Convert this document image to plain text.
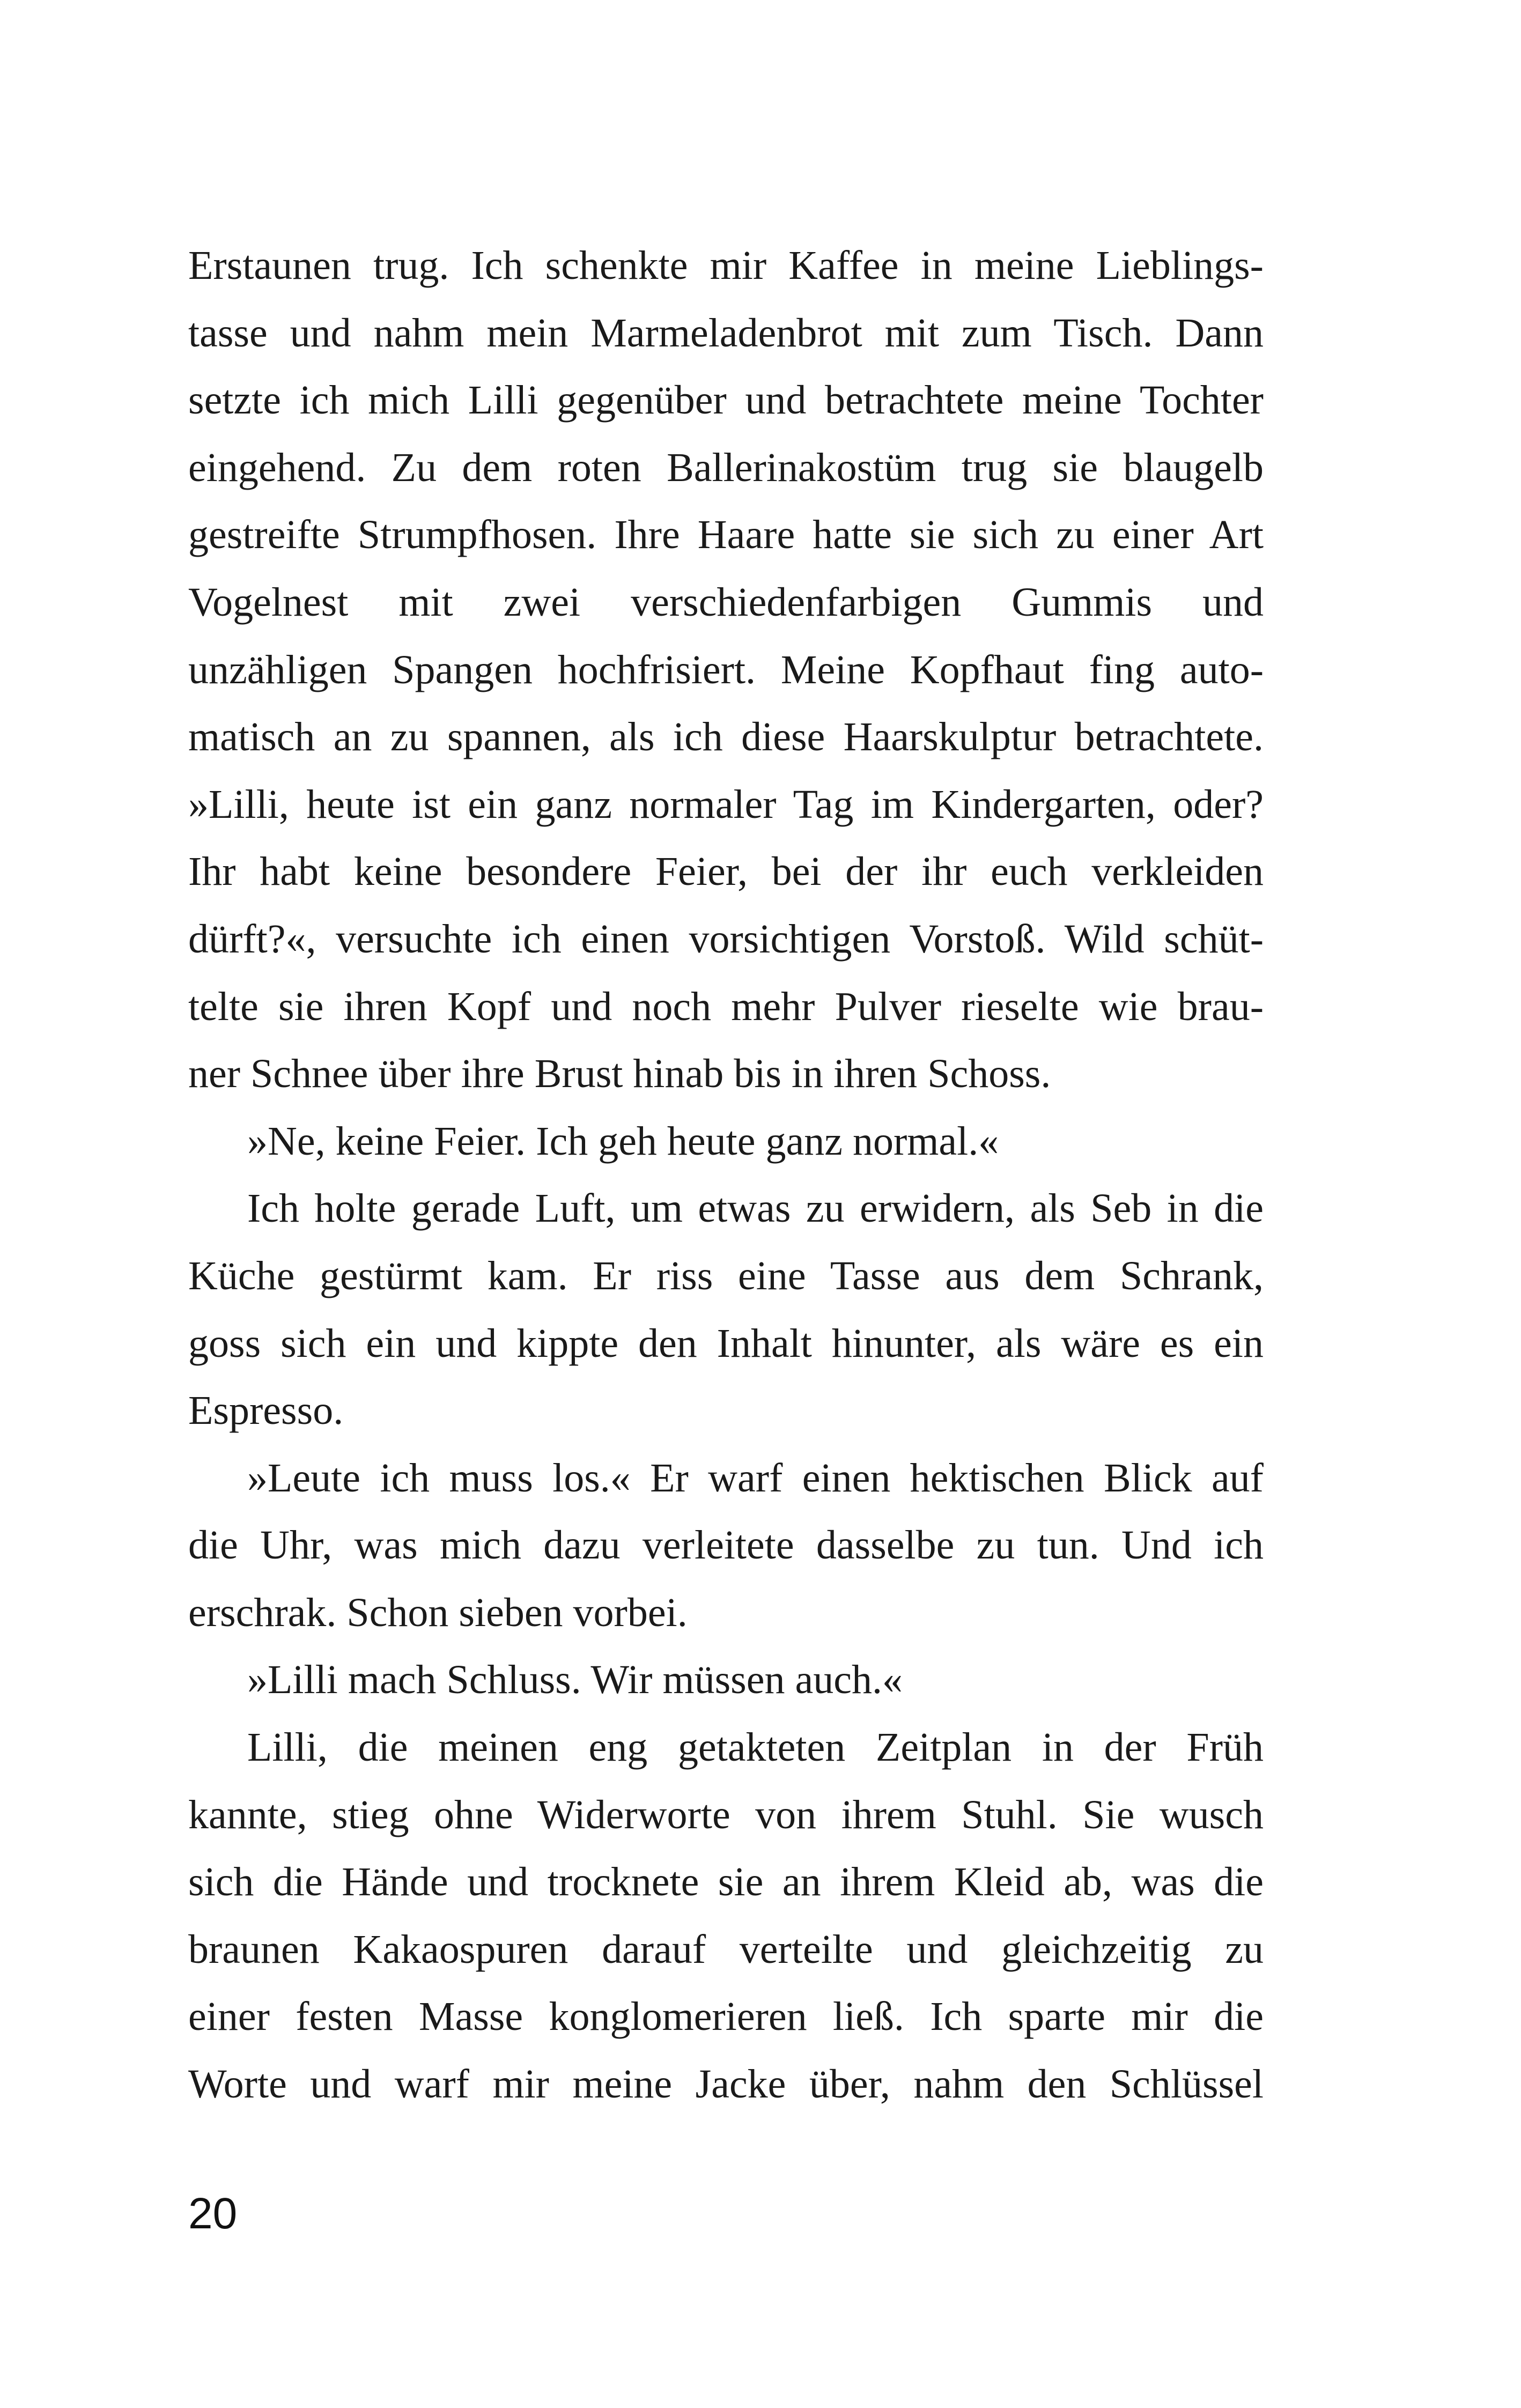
Erstaunen trug. Ich schenkte mir Kaffee in meine Lieblings-
tasse und nahm mein Marmeladenbrot mit zum Tisch. Dann
setzte ich mich Lilli gegenüber und betrachtete meine Tochter
eingehend. Zu dem roten Ballerinakostüm trug sie blaugelb
gestreifte Strumpfhosen. Ihre Haare hatte sie sich zu einer Art
Vogelnest mit zwei verschiedenfarbigen Gummis und
unzähligen Spangen hochfrisiert. Meine Kopfhaut fing auto-
matisch an zu spannen, als ich diese Haarskulptur betrachtete.
»Lilli, heute ist ein ganz normaler Tag im Kindergarten, oder?
Ihr habt keine besondere Feier, bei der ihr euch verkleiden
dürft?«, versuchte ich einen vorsichtigen Vorstoß. Wild schüt-
telte sie ihren Kopf und noch mehr Pulver rieselte wie brau-
ner Schnee über ihre Brust hinab bis in ihren Schoss.
»Ne, keine Feier. Ich geh heute ganz normal.«
Ich holte gerade Luft, um etwas zu erwidern, als Seb in die
Küche gestürmt kam. Er riss eine Tasse aus dem Schrank,
goss sich ein und kippte den Inhalt hinunter, als wäre es ein
Espresso.
»Leute ich muss los.« Er warf einen hektischen Blick auf
die Uhr, was mich dazu verleitete dasselbe zu tun. Und ich
erschrak. Schon sieben vorbei.
»Lilli mach Schluss. Wir müssen auch.«
Lilli, die meinen eng getakteten Zeitplan in der Früh
kannte, stieg ohne Widerworte von ihrem Stuhl. Sie wusch
sich die Hände und trocknete sie an ihrem Kleid ab, was die
braunen Kakaospuren darauf verteilte und gleichzeitig zu
einer festen Masse konglomerieren ließ. Ich sparte mir die
Worte und warf mir meine Jacke über, nahm den Schlüssel
20
